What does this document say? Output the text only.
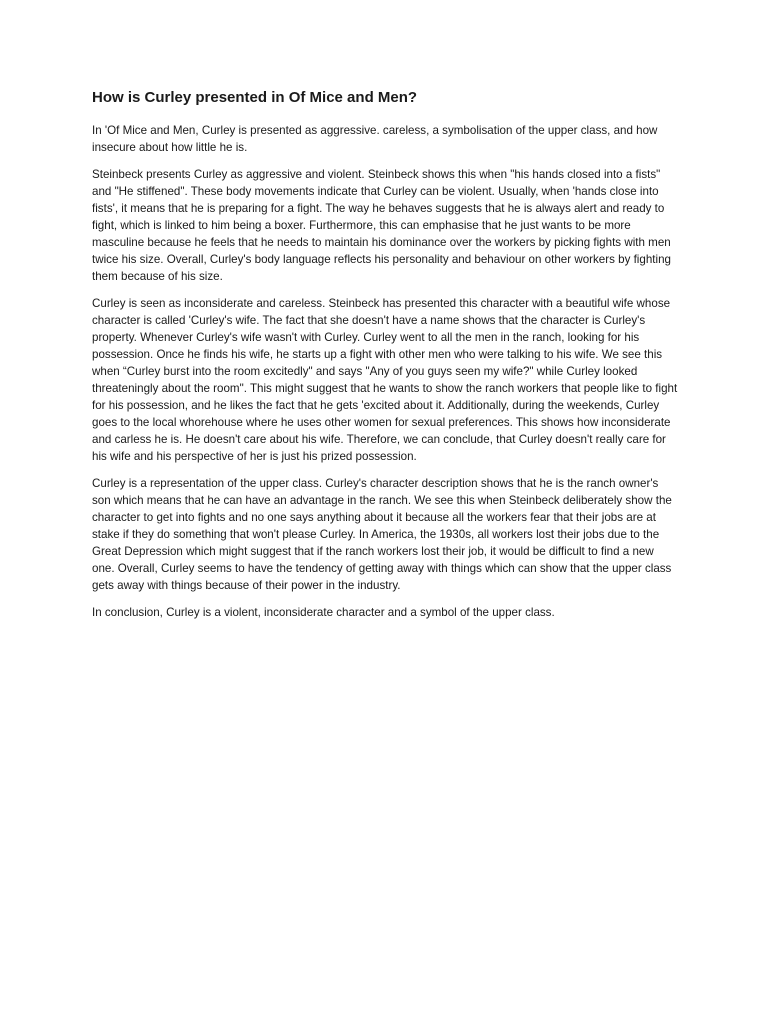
How is Curley presented in Of Mice and Men?

In 'Of Mice and Men, Curley is presented as aggressive. careless, a symbolisation of the upper class, and how insecure about how little he is.

Steinbeck presents Curley as aggressive and violent. Steinbeck shows this when "his hands closed into a fists" and "He stiffened". These body movements indicate that Curley can be violent. Usually, when 'hands close into fists', it means that he is preparing for a fight. The way he behaves suggests that he is always alert and ready to fight, which is linked to him being a boxer. Furthermore, this can emphasise that he just wants to be more masculine because he feels that he needs to maintain his dominance over the workers by picking fights with men twice his size. Overall, Curley's body language reflects his personality and behaviour on other workers by fighting them because of his size.

Curley is seen as inconsiderate and careless. Steinbeck has presented this character with a beautiful wife whose character is called 'Curley's wife. The fact that she doesn't have a name shows that the character is Curley's property. Whenever Curley's wife wasn't with Curley. Curley went to all the men in the ranch, looking for his possession. Once he finds his wife, he starts up a fight with other men who were talking to his wife. We see this when “Curley burst into the room excitedly" and says "Any of you guys seen my wife?" while Curley looked threateningly about the room". This might suggest that he wants to show the ranch workers that people like to fight for his possession, and he likes the fact that he gets 'excited about it. Additionally, during the weekends, Curley goes to the local whorehouse where he uses other women for sexual preferences. This shows how inconsiderate and carless he is. He doesn't care about his wife. Therefore, we can conclude, that Curley doesn't really care for his wife and his perspective of her is just his prized possession.

Curley is a representation of the upper class. Curley's character description shows that he is the ranch owner's son which means that he can have an advantage in the ranch. We see this when Steinbeck deliberately show the character to get into fights and no one says anything about it because all the workers fear that their jobs are at stake if they do something that won't please Curley. In America, the 1930s, all workers lost their jobs due to the Great Depression which might suggest that if the ranch workers lost their job, it would be difficult to find a new one. Overall, Curley seems to have the tendency of getting away with things which can show that the upper class gets away with things because of their power in the industry.

In conclusion, Curley is a violent, inconsiderate character and a symbol of the upper class.
